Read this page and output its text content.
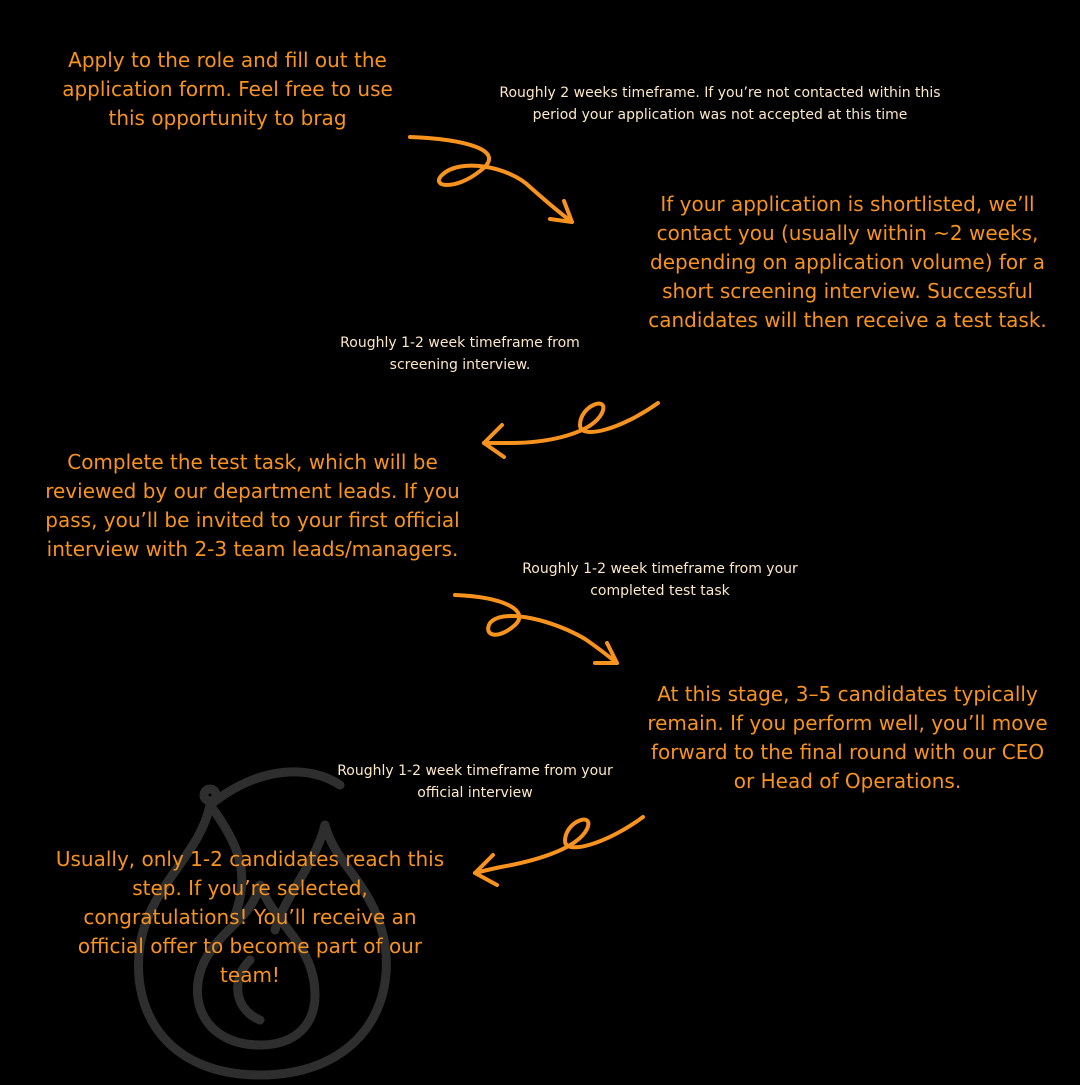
Apply to the role and fill out the application form. Feel free to use this opportunity to brag

Roughly 2 weeks timeframe. If you’re not contacted within this period your application was not accepted at this time

If your application is shortlisted, we’ll contact you (usually within ~2 weeks, depending on application volume) for a short screening interview. Successful candidates will then receive a test task.

Roughly 1-2 week timeframe from screening interview.

Complete the test task, which will be reviewed by our department leads. If you pass, you’ll be invited to your first official interview with 2-3 team leads/managers.

Roughly 1-2 week timeframe from your completed test task

At this stage, 3–5 candidates typically remain. If you perform well, you’ll move forward to the final round with our CEO or Head of Operations.

Roughly 1-2 week timeframe from your official interview

Usually, only 1-2 candidates reach this step. If you’re selected, congratulations! You’ll receive an official offer to become part of our team!
